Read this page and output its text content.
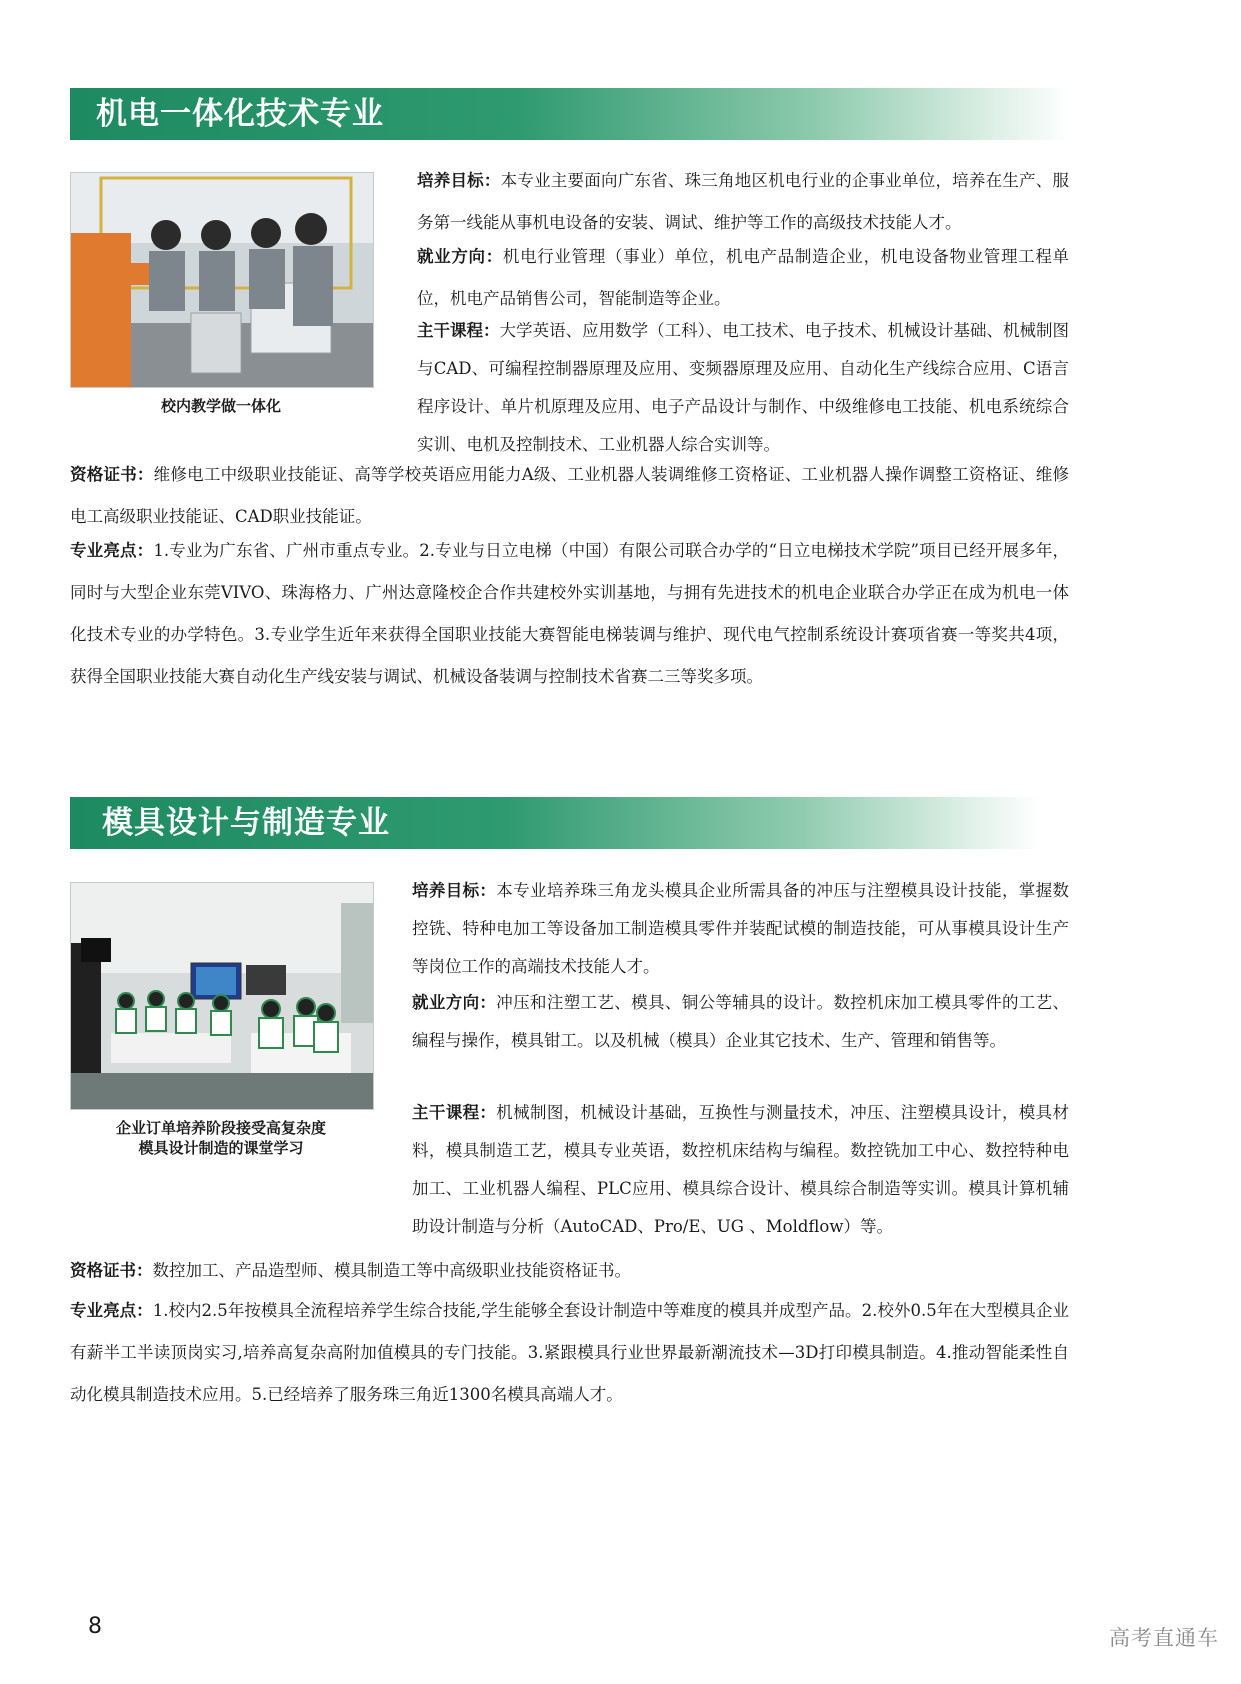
机电一体化技术专业
校内教学做一体化
培养目标：本专业主要面向广东省、珠三角地区机电行业的企事业单位，培养在生产、服务第一线能从事机电设备的安装、调试、维护等工作的高级技术技能人才。
就业方向：机电行业管理（事业）单位，机电产品制造企业，机电设备物业管理工程单位，机电产品销售公司，智能制造等企业。
主干课程：大学英语、应用数学（工科）、电工技术、电子技术、机械设计基础、机械制图与CAD、可编程控制器原理及应用、变频器原理及应用、自动化生产线综合应用、C语言程序设计、单片机原理及应用、电子产品设计与制作、中级维修电工技能、机电系统综合实训、电机及控制技术、工业机器人综合实训等。
资格证书：维修电工中级职业技能证、高等学校英语应用能力A级、工业机器人装调维修工资格证、工业机器人操作调整工资格证、维修电工高级职业技能证、CAD职业技能证。
专业亮点：1.专业为广东省、广州市重点专业。2.专业与日立电梯（中国）有限公司联合办学的“日立电梯技术学院”项目已经开展多年，同时与大型企业东莞VIVO、珠海格力、广州达意隆校企合作共建校外实训基地，与拥有先进技术的机电企业联合办学正在成为机电一体化技术专业的办学特色。3.专业学生近年来获得全国职业技能大赛智能电梯装调与维护、现代电气控制系统设计赛项省赛一等奖共4项， 获得全国职业技能大赛自动化生产线安装与调试、机械设备装调与控制技术省赛二三等奖多项。
模具设计与制造专业
企业订单培养阶段接受高复杂度
模具设计制造的课堂学习
培养目标：本专业培养珠三角龙头模具企业所需具备的冲压与注塑模具设计技能，掌握数控铣、特种电加工等设备加工制造模具零件并装配试模的制造技能，可从事模具设计生产等岗位工作的高端技术技能人才。
就业方向：冲压和注塑工艺、模具、铜公等辅具的设计。数控机床加工模具零件的工艺、编程与操作，模具钳工。以及机械（模具）企业其它技术、生产、管理和销售等。
主干课程：机械制图，机械设计基础，互换性与测量技术，冲压、注塑模具设计，模具材料，模具制造工艺，模具专业英语，数控机床结构与编程。数控铣加工中心、数控特种电加工、工业机器人编程、PLC应用、模具综合设计、模具综合制造等实训。模具计算机辅助设计制造与分析（AutoCAD、Pro/E、UG 、Moldflow）等。
资格证书：数控加工、产品造型师、模具制造工等中高级职业技能资格证书。
专业亮点：1.校内2.5年按模具全流程培养学生综合技能,学生能够全套设计制造中等难度的模具并成型产品。2.校外0.5年在大型模具企业有薪半工半读顶岗实习,培养高复杂高附加值模具的专门技能。3.紧跟模具行业世界最新潮流技术—3D打印模具制造。4.推动智能柔性自动化模具制造技术应用。5.已经培养了服务珠三角近1300名模具高端人才。
8	高考直通车
